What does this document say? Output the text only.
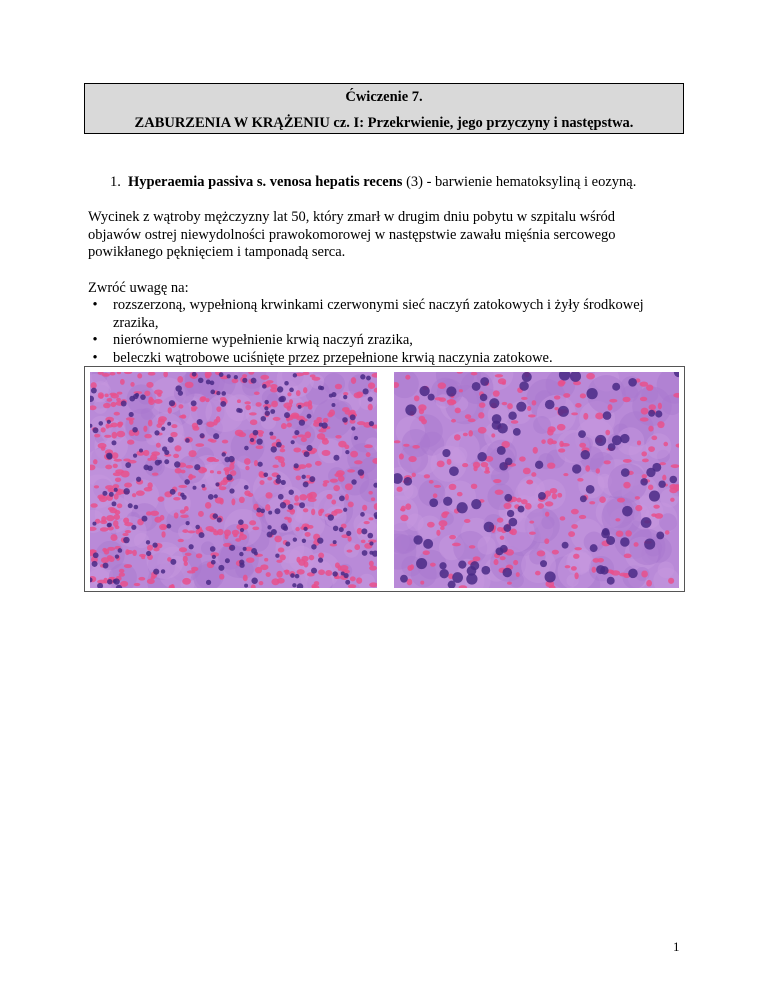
Ćwiczenie 7.
ZABURZENIA W KRĄŻENIU cz. I: Przekrwienie, jego przyczyny i następstwa.
1. Hyperaemia passiva s. venosa hepatis recens (3) - barwienie hematoksyliną i eozyną.
Wycinek z wątroby mężczyzny lat 50, który zmarł w drugim dniu pobytu w szpitalu wśród objawów ostrej niewydolności prawokomorowej w następstwie zawału mięśnia sercowego powikłanego pęknięciem i tamponadą serca.
Zwróć uwagę na:
•	rozszerzoną, wypełnioną krwinkami czerwonymi sieć naczyń zatokowych i żyły środkowej zrazika,
•	nierównomierne wypełnienie krwią naczyń zrazika,
•	beleczki wątrobowe uciśnięte przez przepełnione krwią naczynia zatokowe.
1
